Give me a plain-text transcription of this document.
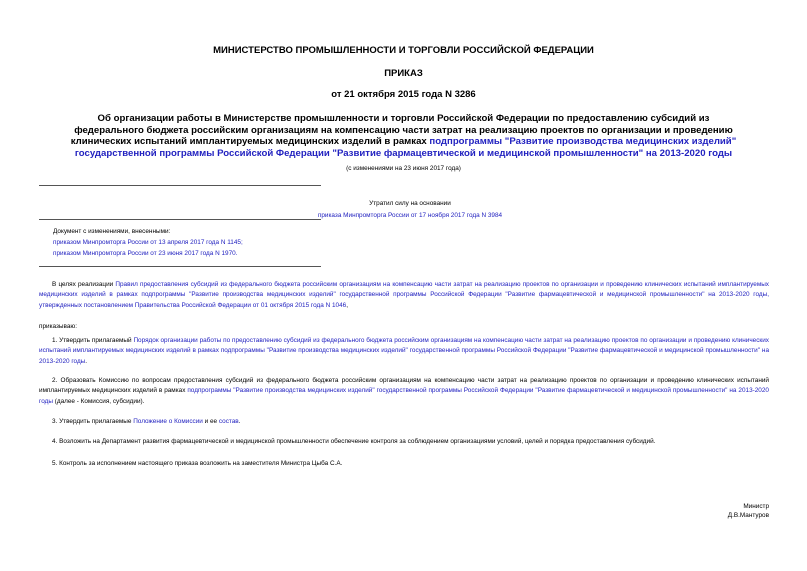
МИНИСТЕРСТВО ПРОМЫШЛЕННОСТИ И ТОРГОВЛИ РОССИЙСКОЙ ФЕДЕРАЦИИ
ПРИКАЗ
от 21 октября 2015 года N 3286
Об организации работы в Министерстве промышленности и торговли Российской Федерации по предоставлению субсидий из федерального бюджета российским организациям на компенсацию части затрат на реализацию проектов по организации и проведению клинических испытаний имплантируемых медицинских изделий в рамках подпрограммы "Развитие производства медицинских изделий" государственной программы Российской Федерации "Развитие фармацевтической и медицинской промышленности" на 2013-2020 годы
(с изменениями на 23 июня 2017 года)
Утратил силу на основании
приказа Минпромторга России от 17 ноября 2017 года N 3984
Документ с изменениями, внесенными:
приказом Минпромторга России от 13 апреля 2017 года N 1145;
приказом Минпромторга России от 23 июня 2017 года N 1970.
В целях реализации Правил предоставления субсидий из федерального бюджета российским организациям на компенсацию части затрат на реализацию проектов по организации и проведению клинических испытаний имплантируемых медицинских изделий в рамках подпрограммы "Развитие производства медицинских изделий" государственной программы Российской Федерации "Развитие фармацевтической и медицинской промышленности" на 2013-2020 годы, утвержденных постановлением Правительства Российской Федерации от 01 октября 2015 года N 1046,
приказываю:
1. Утвердить прилагаемый Порядок организации работы по предоставлению субсидий из федерального бюджета российским организациям на компенсацию части затрат на реализацию проектов по организации и проведению клинических испытаний имплантируемых медицинских изделий в рамках подпрограммы "Развитие производства медицинских изделий" государственной программы Российской Федерации "Развитие фармацевтической и медицинской промышленности" на 2013-2020 годы.
2. Образовать Комиссию по вопросам предоставления субсидий из федерального бюджета российским организациям на компенсацию части затрат на реализацию проектов по организации и проведению клинических испытаний имплантируемых медицинских изделий в рамках подпрограммы "Развитие производства медицинских изделий" государственной программы Российской Федерации "Развитие фармацевтической и медицинской промышленности" на 2013-2020 годы (далее - Комиссия, субсидии).
3. Утвердить прилагаемые Положение о Комиссии и ее состав.
4. Возложить на Департамент развития фармацевтической и медицинской промышленности обеспечение контроля за соблюдением организациями условий, целей и порядка предоставления субсидий.
5. Контроль за исполнением настоящего приказа возложить на заместителя Министра Цыба С.А.
Министр
Д.В.Мантуров
